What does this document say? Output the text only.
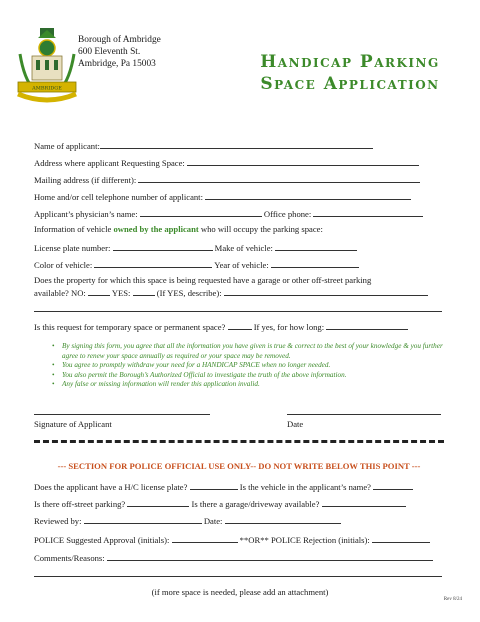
AMBRIDGE
Borough of Ambridge
600 Eleventh St.
Ambridge, Pa 15003	Handicap Parking
Space Application
Name of applicant:
Address where applicant Requesting Space:
Mailing address (if different):
Home and/or cell telephone number of applicant:
Applicant’s physician’s name:	Office phone:
Information of vehicle owned by the applicant who will occupy the parking space:
License plate number:	Make of vehicle:
Color of vehicle:	Year of vehicle:
Does the property for which this space is being requested have a garage or other off-street parking
available? NO:	YES:	(If YES, describe):
Is this request for temporary space or permanent space?	If yes, for how long:
• By signing this form, you agree that all the information you have given is true & correct to the best of your knowledge & you further agree to renew your space annually as required or your space may be removed.
• You agree to promptly withdraw your need for a HANDICAP SPACE when no longer needed.
• You also permit the Borough’s Authorized Official to investigate the truth of the above information.
• Any false or missing information will render this application invalid.
Signature of Applicant	Date
--- SECTION FOR POLICE OFFICIAL USE ONLY-- DO NOT WRITE BELOW THIS POINT ---
Does the applicant have a H/C license plate?	Is the vehicle in the applicant’s name?
Is there off-street parking?	Is there a garage/driveway available?
Reviewed by:	Date:
POLICE Suggested Approval (initials):	**OR** POLICE Rejection (initials):
Comments/Reasons:
(if more space is needed, please add an attachment)
Rev 8/24
